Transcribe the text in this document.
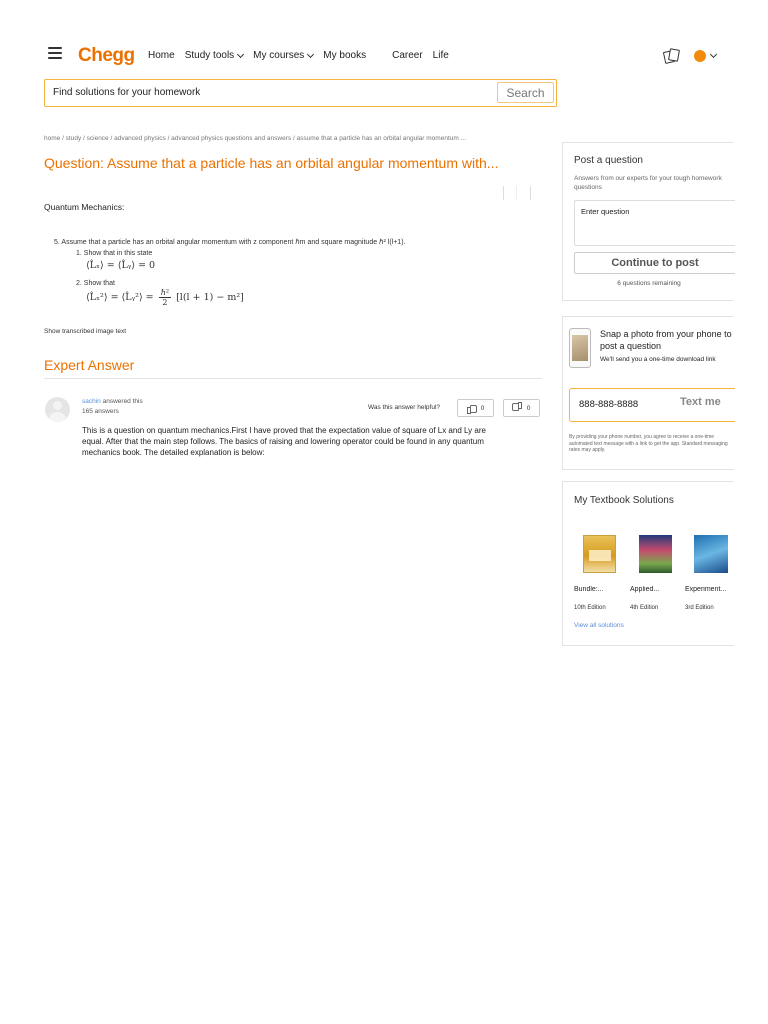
Chegg Home Study tools My courses My books	Career Life
Find solutions for your homework
Search
home / study / science / advanced physics / advanced physics questions and answers / assume that a particle has an orbital angular momentum ...
Question: Assume that a particle has an orbital angular momentum with...
Quantum Mechanics:
5. Assume that a particle has an orbital angular momentum with z component ℏm and square magnitude ℏ² l(l+1).
1. Show that in this state
⟨L̂ₓ⟩ = ⟨L̂ᵧ⟩ = 0
2. Show that
⟨L̂ₓ²⟩ = ⟨L̂ᵧ²⟩ = $\frac{\text{ℏ²}}{2} [l(l + 1) - m^2]$
Show transcribed image text
Expert Answer
sachin answered this
165 answers
Was this answer helpful?	0	0
This is a question on quantum mechanics.First I have proved that the expectation value of square of Lx and Ly are equal. After that the main step follows. The basics of raising and lowering operator could be found in any quantum mechanics book. The detailed explanation is below:
Post a question
Answers from our experts for your tough homework questions
Enter question
Continue to post
6 questions remaining
Snap a photo from your phone to post a question
We'll send you a one-time download link
888-888-8888
Text me
By providing your phone number, you agree to receive a one-time automated text message with a link to get the app. Standard messaging rates may apply.
My Textbook Solutions
Bundle:...	Applied...	Experiment...
10th Edition	4th Edition	3rd Edition
View all solutions
